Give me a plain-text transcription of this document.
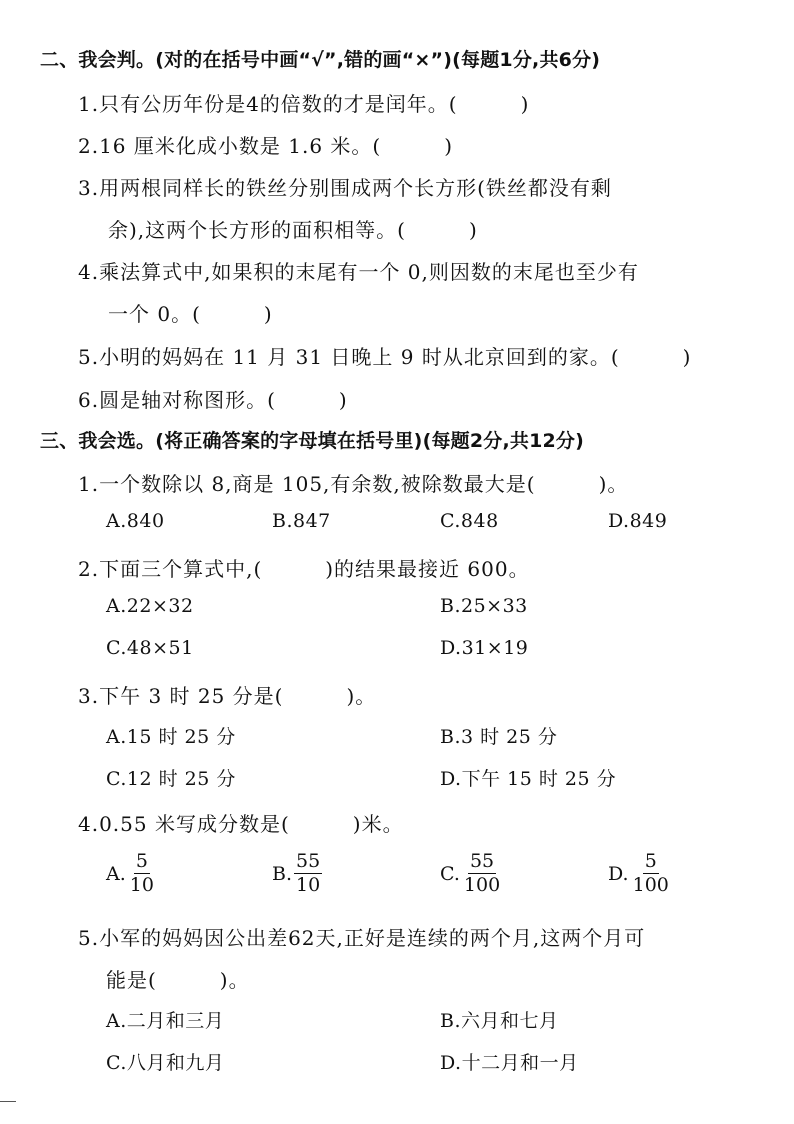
二、我会判。(对的在括号中画“√”,错的画“×”)(每题1分,共6分)
1.只有公历年份是4的倍数的才是闰年。(　　　)
2.16 厘米化成小数是 1.6 米。(　　　)
3.用两根同样长的铁丝分别围成两个长方形(铁丝都没有剩
余),这两个长方形的面积相等。(　　　)
4.乘法算式中,如果积的末尾有一个 0,则因数的末尾也至少有
一个 0。(　　　)
5.小明的妈妈在 11 月 31 日晚上 9 时从北京回到的家。(　　　)
6.圆是轴对称图形。(　　　)
三、我会选。(将正确答案的字母填在括号里)(每题2分,共12分)
1.一个数除以 8,商是 105,有余数,被除数最大是(　　　)。
A.840	B.847	C.848	D.849
2.下面三个算式中,(　　　)的结果最接近 600。
A.22×32	B.25×33
C.48×51	D.31×19
3.下午 3 时 25 分是(　　　)。
A.15 时 25 分	B.3 时 25 分
C.12 时 25 分	D.下午 15 时 25 分
4.0.55 米写成分数是(　　　)米。
A. $\frac{5}{10}$	B. $\frac{55}{10}$	C. $\frac{55}{100}$	D. $\frac{5}{100}$
5.小军的妈妈因公出差62天,正好是连续的两个月,这两个月可
能是(　　　)。
A.二月和三月	B.六月和七月
C.八月和九月	D.十二月和一月
